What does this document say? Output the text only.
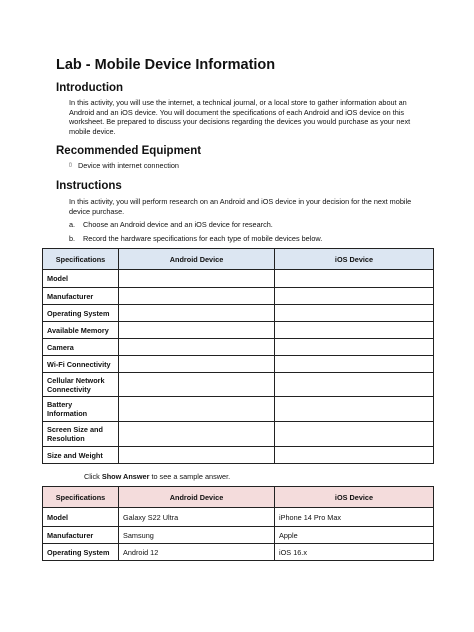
Lab - Mobile Device Information
Introduction

In this activity, you will use the internet, a technical journal, or a local store to gather information about an Android and an iOS device. You will document the specifications of each Android and iOS device on this worksheet. Be prepared to discuss your decisions regarding the devices you would purchase as your next mobile device.

Recommended Equipment
▯ Device with internet connection
Instructions

In this activity, you will perform research on an Android and iOS device in your decision for the next mobile device purchase.

a. Choose an Android device and an iOS device for research.
b. Record the hardware specifications for each type of mobile devices below.
Specifications	Android Device	iOS Device
Model		
Manufacturer		
Operating System		
Available Memory		
Camera		
Wi-Fi Connectivity		
Cellular Network Connectivity		
Battery Information		
Screen Size and Resolution		
Size and Weight		
Click Show Answer to see a sample answer.
Specifications	Android Device	iOS Device
Model	Galaxy S22 Ultra	iPhone 14 Pro Max
Manufacturer	Samsung	Apple
Operating System	Android 12	iOS 16.x
